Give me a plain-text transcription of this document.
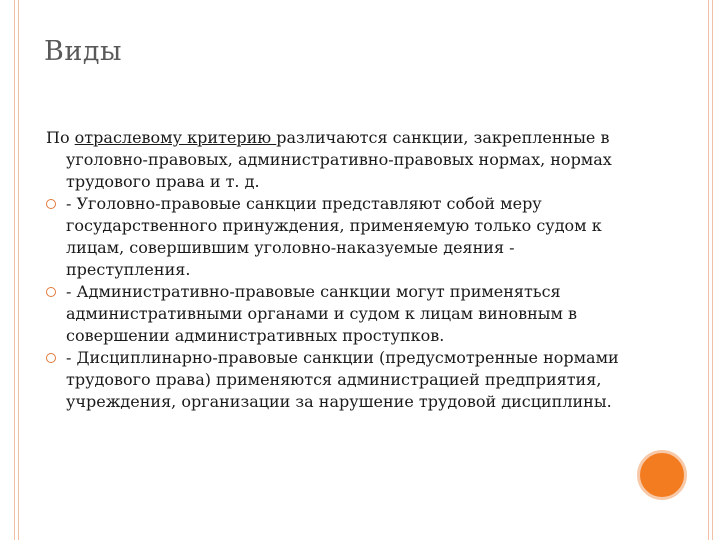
Виды

По отраслевому критерию различаются санкции, закрепленные в уголовно-правовых, административно-правовых нормах, нормах трудового права и т. д.

- Уголовно-правовые санкции представляют собой меру государственного принуждения, применяемую только судом к лицам, совершившим уголовно-наказуемые деяния - преступления.

- Административно-правовые санкции могут применяться административными органами и судом к лицам виновным в совершении административных проступков.

- Дисциплинарно-правовые санкции (предусмотренные нормами трудового права) применяются администрацией предприятия, учреждения, организации за нарушение трудовой дисциплины.
